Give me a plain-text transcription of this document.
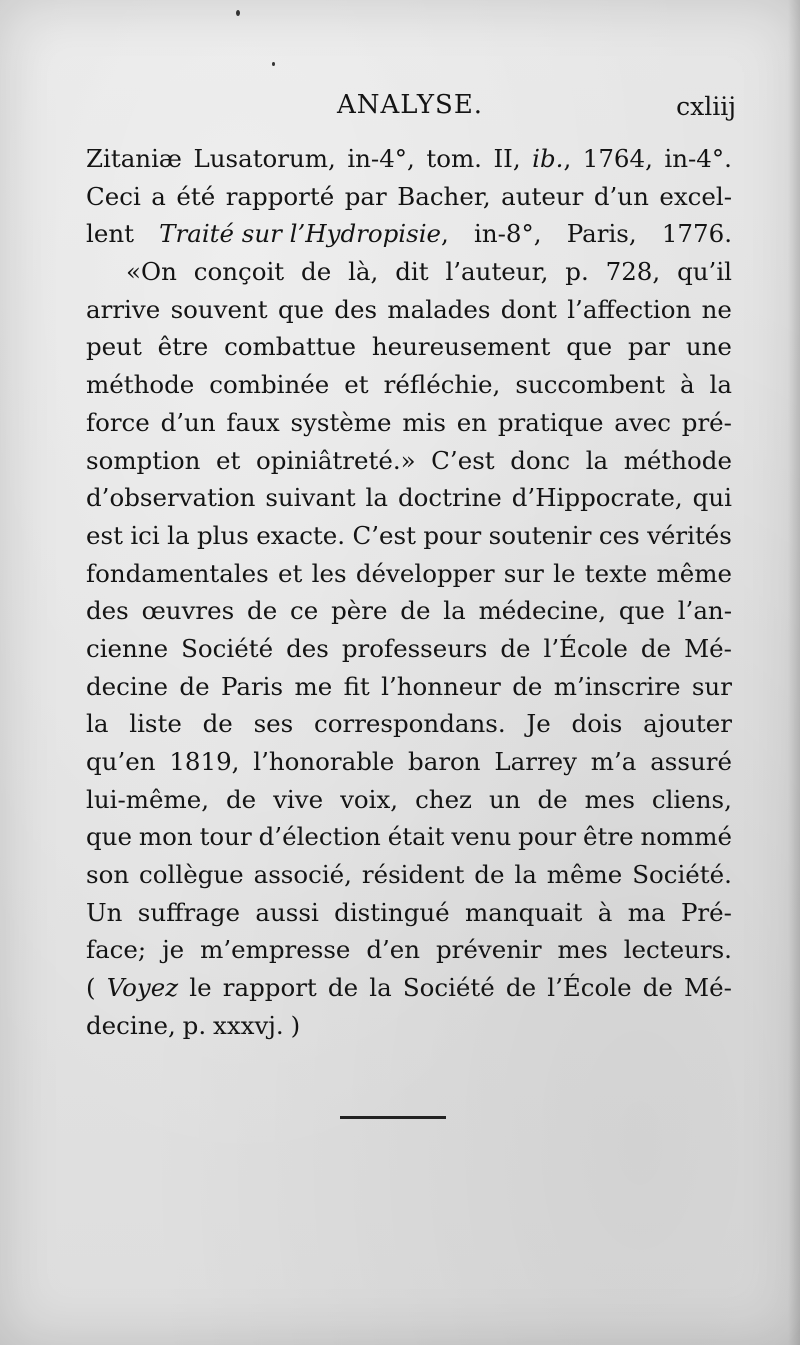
ANALYSE.	cxliij
Zitaniæ Lusatorum, in-4°, tom. II, ib., 1764, in-4°.
Ceci a été rapporté par Bacher, auteur d’un excel-
lent Traité sur l’Hydropisie, in-8°, Paris, 1776.
«On conçoit de là, dit l’auteur, p. 728, qu’il
arrive souvent que des malades dont l’affection ne
peut être combattue heureusement que par une
méthode combinée et réfléchie, succombent à la
force d’un faux système mis en pratique avec pré-
somption et opiniâtreté.» C’est donc la méthode
d’observation suivant la doctrine d’Hippocrate, qui
est ici la plus exacte. C’est pour soutenir ces vérités
fondamentales et les développer sur le texte même
des œuvres de ce père de la médecine, que l’an-
cienne Société des professeurs de l’École de Mé-
decine de Paris me fit l’honneur de m’inscrire sur
la liste de ses correspondans. Je dois ajouter
qu’en 1819, l’honorable baron Larrey m’a assuré
lui-même, de vive voix, chez un de mes cliens,
que mon tour d’élection était venu pour être nommé
son collègue associé, résident de la même Société.
Un suffrage aussi distingué manquait à ma Pré-
face; je m’empresse d’en prévenir mes lecteurs.
( Voyez le rapport de la Société de l’École de Mé-
decine, p. xxxvj. )
